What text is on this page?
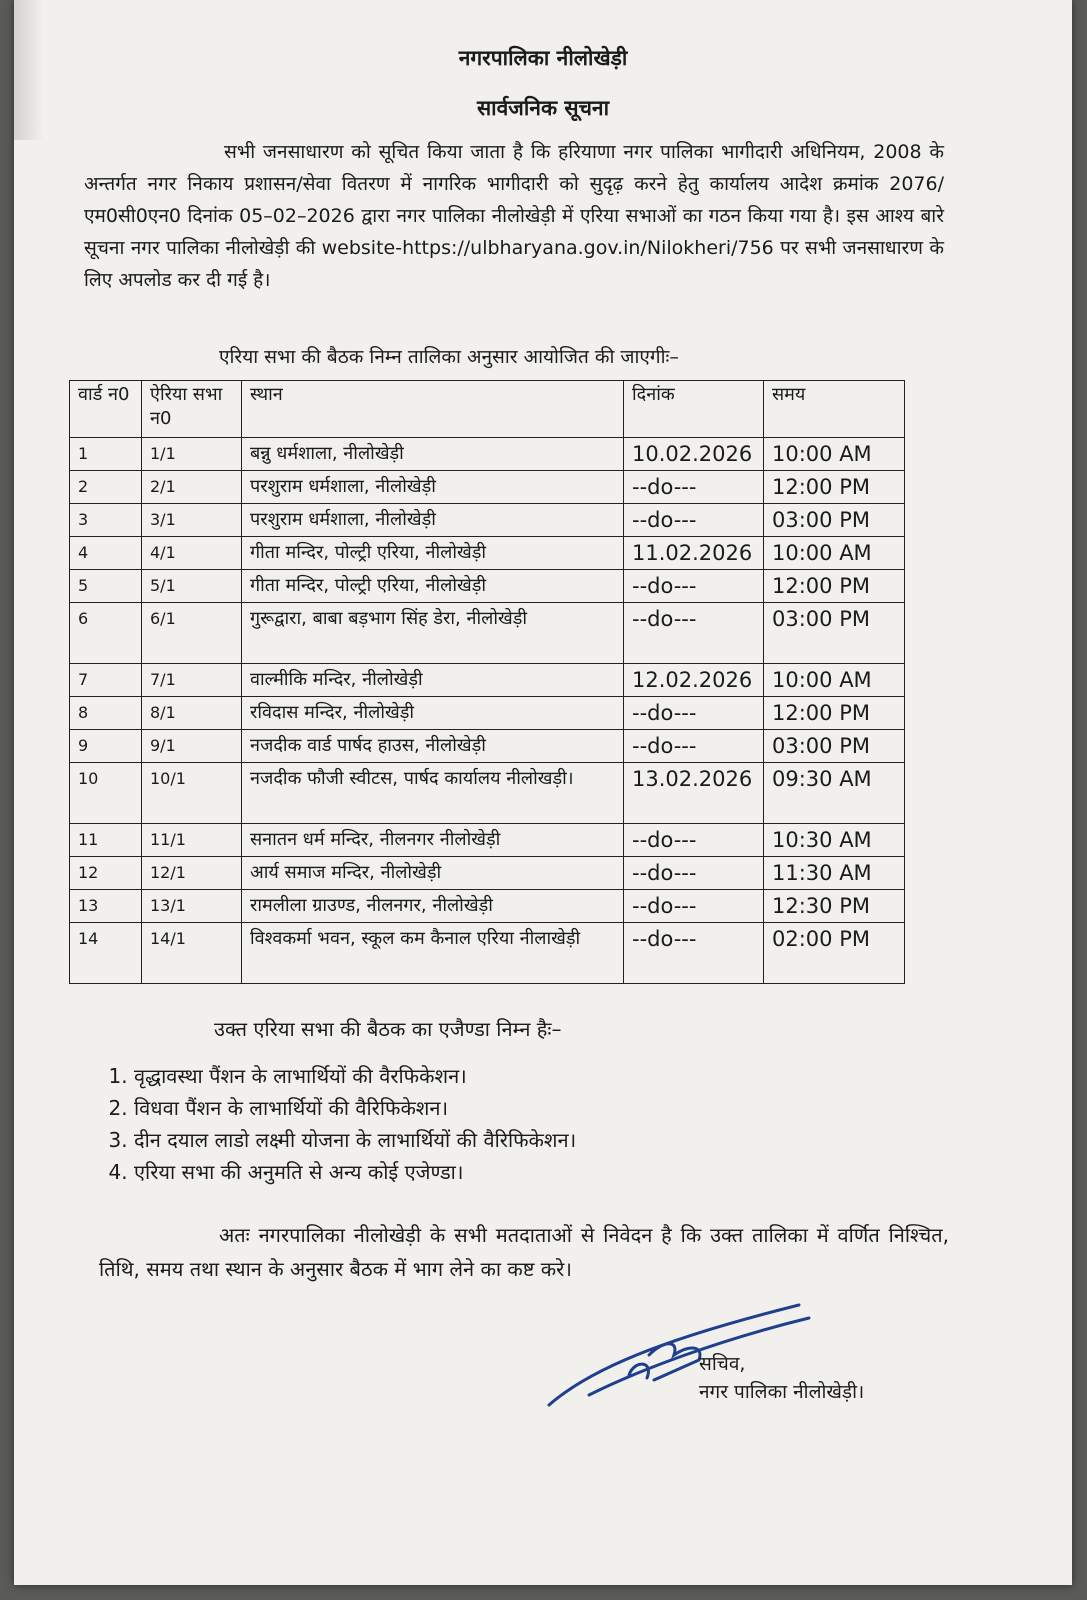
नगरपालिका नीलोखेड़ी
सार्वजनिक सूचना
सभी जनसाधारण को सूचित किया जाता है कि हरियाणा नगर पालिका भागीदारी अधिनियम, 2008 के अन्तर्गत नगर निकाय प्रशासन/सेवा वितरण में नागरिक भागीदारी को सुदृढ़ करने हेतु कार्यालय आदेश क्रमांक 2076/एम0सी0एन0 दिनांक 05–02–2026 द्वारा नगर पालिका नीलोखेड़ी में एरिया सभाओं का गठन किया गया है। इस आश्य बारे सूचना नगर पालिका नीलोखेड़ी की website-https://ulbharyana.gov.in/Nilokheri/756 पर सभी जनसाधारण के लिए अपलोड कर दी गई है।
एरिया सभा की बैठक निम्न तालिका अनुसार आयोजित की जाएगीः–
वार्ड न0	ऐरिया सभा न0	स्थान	दिनांक	समय
1	1/1	बन्नु धर्मशाला, नीलोखेड़ी	10.02.2026	10:00 AM
2	2/1	परशुराम धर्मशाला, नीलोखेड़ी	--do---	12:00 PM
3	3/1	परशुराम धर्मशाला, नीलोखेड़ी	--do---	03:00 PM
4	4/1	गीता मन्दिर, पोल्ट्री एरिया, नीलोखेड़ी	11.02.2026	10:00 AM
5	5/1	गीता मन्दिर, पोल्ट्री एरिया, नीलोखेड़ी	--do---	12:00 PM
6	6/1	गुरूद्वारा, बाबा बड़भाग सिंह डेरा, नीलोखेड़ी	--do---	03:00 PM
7	7/1	वाल्मीकि मन्दिर, नीलोखेड़ी	12.02.2026	10:00 AM
8	8/1	रविदास मन्दिर, नीलोखेड़ी	--do---	12:00 PM
9	9/1	नजदीक वार्ड पार्षद हाउस, नीलोखेड़ी	--do---	03:00 PM
10	10/1	नजदीक फौजी स्वीटस, पार्षद कार्यालय नीलोखड़ी।	13.02.2026	09:30 AM
11	11/1	सनातन धर्म मन्दिर, नीलनगर नीलोखेड़ी	--do---	10:30 AM
12	12/1	आर्य समाज मन्दिर, नीलोखेड़ी	--do---	11:30 AM
13	13/1	रामलीला ग्राउण्ड, नीलनगर, नीलोखेड़ी	--do---	12:30 PM
14	14/1	विश्वकर्मा भवन, स्कूल कम कैनाल एरिया नीलाखेड़ी	--do---	02:00 PM
उक्त एरिया सभा की बैठक का एजैण्डा निम्न हैः–
1. वृद्धावस्था पैंशन के लाभार्थियों की वैरफिकेशन।
2. विधवा पैंशन के लाभार्थियों की वैरिफिकेशन।
3. दीन दयाल लाडो लक्ष्मी योजना के लाभार्थियों की वैरिफिकेशन।
4. एरिया सभा की अनुमति से अन्य कोई एजेण्डा।
अतः नगरपालिका नीलोखेड़ी के सभी मतदाताओं से निवेदन है कि उक्त तालिका में वर्णित निश्चित, तिथि, समय तथा स्थान के अनुसार बैठक में भाग लेने का कष्ट करे।
सचिव,
नगर पालिका नीलोखेड़ी।
